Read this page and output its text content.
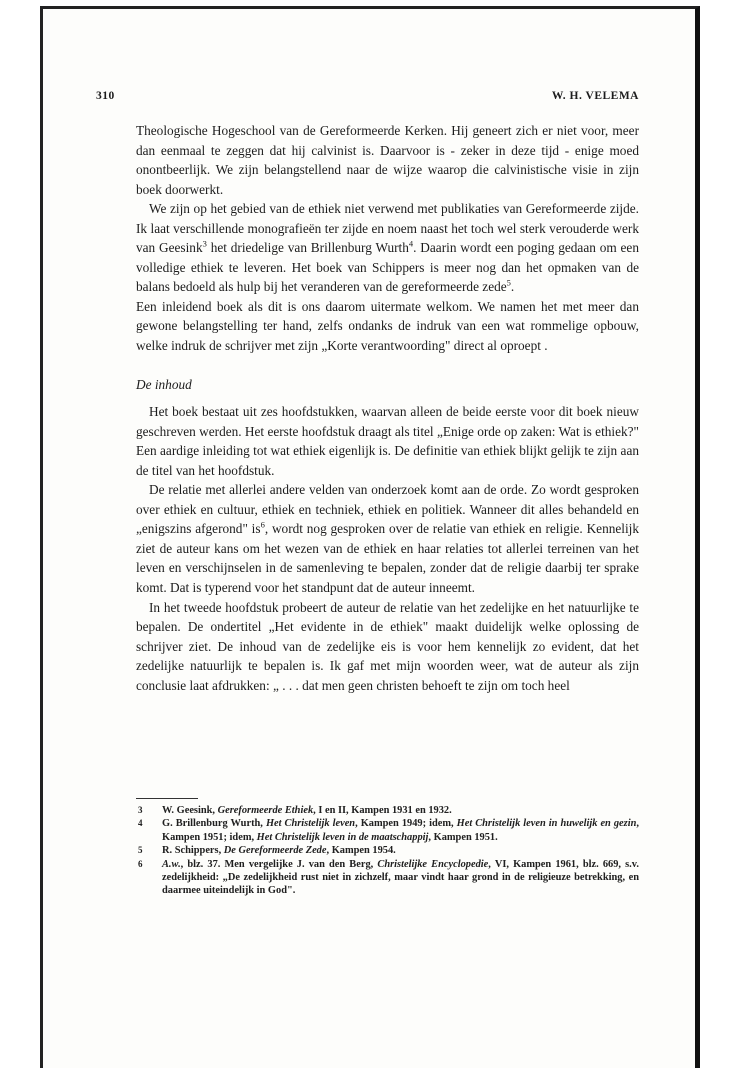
310	W. H. VELEMA

Theologische Hogeschool van de Gereformeerde Kerken. Hij geneert zich er niet voor, meer dan eenmaal te zeggen dat hij calvinist is. Daarvoor is - zeker in deze tijd - enige moed onontbeerlijk. We zijn belangstellend naar de wijze waarop die calvinistische visie in zijn boek doorwerkt.

We zijn op het gebied van de ethiek niet verwend met publikaties van Gereformeerde zijde. Ik laat verschillende monografieën ter zijde en noem naast het toch wel sterk verouderde werk van Geesink$^3$ het driedelige van Brillenburg Wurth$^4$. Daarin wordt een poging gedaan om een volledige ethiek te leveren. Het boek van Schippers is meer nog dan het opmaken van de balans bedoeld als hulp bij het veranderen van de gereformeerde zede$^5$.

Een inleidend boek als dit is ons daarom uitermate welkom. We namen het met meer dan gewone belangstelling ter hand, zelfs ondanks de indruk van een wat rommelige opbouw, welke indruk de schrijver met zijn „Korte verantwoording" direct al oproept .

De inhoud

Het boek bestaat uit zes hoofdstukken, waarvan alleen de beide eerste voor dit boek nieuw geschreven werden. Het eerste hoofdstuk draagt als titel „Enige orde op zaken: Wat is ethiek?" Een aardige inleiding tot wat ethiek eigenlijk is. De definitie van ethiek blijkt gelijk te zijn aan de titel van het hoofdstuk.

De relatie met allerlei andere velden van onderzoek komt aan de orde. Zo wordt gesproken over ethiek en cultuur, ethiek en techniek, ethiek en politiek. Wanneer dit alles behandeld en „enigszins afgerond" $is^6$, wordt nog gesproken over de relatie van ethiek en religie. Kennelijk ziet de auteur kans om het wezen van de ethiek en haar relaties tot allerlei terreinen van het leven en verschijnselen in de samenleving te bepalen, zonder dat de religie daarbij ter sprake komt. Dat is typerend voor het standpunt dat de auteur inneemt.

In het tweede hoofdstuk probeert de auteur de relatie van het zedelijke en het natuurlijke te bepalen. De ondertitel „Het evidente in de ethiek" maakt duidelijk welke oplossing de schrijver ziet. De inhoud van de zedelijke eis is voor hem kennelijk zo evident, dat het zedelijke natuurlijk te bepalen is. Ik gaf met mijn woorden weer, wat de auteur als zijn conclusie laat afdrukken: „ . . . dat men geen christen behoeft te zijn om toch heel

3	W. Geesink, Gereformeerde Ethiek, I en II, Kampen 1931 en 1932.
4	G. Brillenburg Wurth, Het Christelijk leven, Kampen 1949; idem, Het Christelijk leven in huwelijk en gezin, Kampen 1951; idem, Het Christelijk leven in de maatschappij, Kampen 1951.
5	R. Schippers, De Gereformeerde Zede, Kampen 1954.
6	A.w., blz. 37. Men vergelijke J. van den Berg, Christelijke Encyclopedie, VI, Kampen 1961, blz. 669, s.v. zedelijkheid: „De zedelijkheid rust niet in zichzelf, maar vindt haar grond in de religieuze betrekking, en daarmee uiteindelijk in God".
